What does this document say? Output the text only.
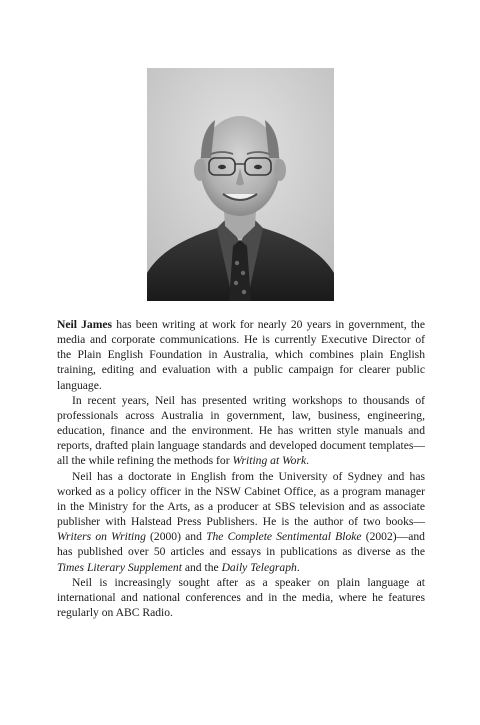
Neil James has been writing at work for nearly 20 years in government, the media and corporate communications. He is currently Executive Director of the Plain English Foundation in Australia, which combines plain English training, editing and evaluation with a public campaign for clearer public language.

In recent years, Neil has presented writing workshops to thousands of professionals across Australia in government, law, business, engineering, education, finance and the environment. He has written style manuals and reports, drafted plain language standards and developed document templates—all the while refining the methods for Writing at Work.

Neil has a doctorate in English from the University of Sydney and has worked as a policy officer in the NSW Cabinet Office, as a program manager in the Ministry for the Arts, as a producer at SBS television and as associate publisher with Halstead Press Publishers. He is the author of two books—Writers on Writing (2000) and The Complete Sentimental Bloke (2002)—and has published over 50 articles and essays in publications as diverse as the Times Literary Supplement and the Daily Telegraph.

Neil is increasingly sought after as a speaker on plain language at international and national conferences and in the media, where he features regularly on ABC Radio.
